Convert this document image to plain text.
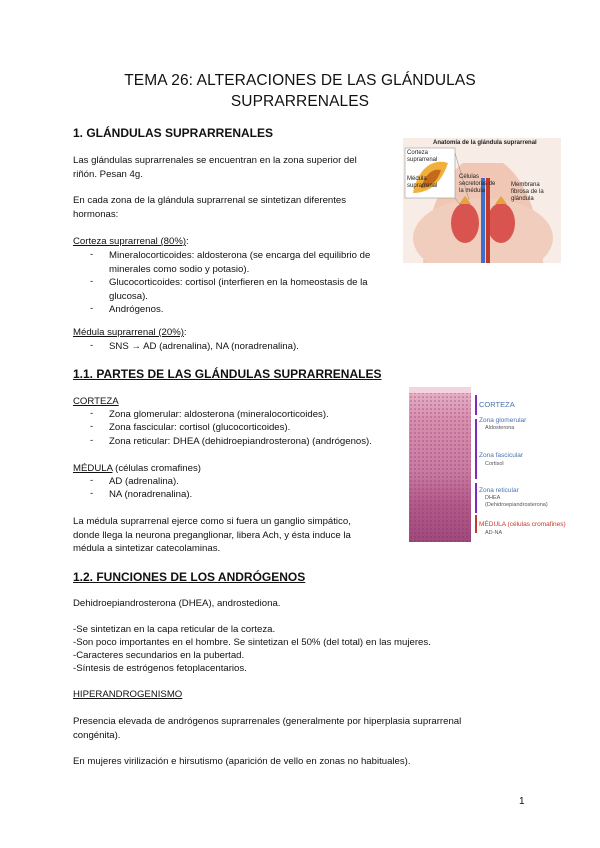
TEMA 26: ALTERACIONES DE LAS GLÁNDULAS
SUPRARRENALES
1. GLÁNDULAS SUPRARRENALES
Las glándulas suprarrenales se encuentran en la zona superior del riñón. Pesan 4g.
En cada zona de la glándula suprarrenal se sintetizan diferentes hormonas:
Corteza suprarrenal (80%):
- Mineralocorticoides: aldosterona (se encarga del equilibrio de minerales como sodio y potasio).
- Glucocorticoides: cortisol (interfieren en la homeostasis de la glucosa).
- Andrógenos.
Médula suprarrenal (20%):
- SNS → AD (adrenalina), NA (noradrenalina).
Anatomía de la glándula suprarrenal
Corteza suprarrenal
Médula suprarrenal
Células secretoras de la médula
Membrana fibrosa de la glándula
1.1. PARTES DE LAS GLÁNDULAS SUPRARRENALES
CORTEZA
- Zona glomerular: aldosterona (mineralocorticoides).
- Zona fascicular: cortisol (glucocorticoides).
- Zona reticular: DHEA (dehidroepiandrosterona) (andrógenos).
MÉDULA (células cromafines)
- AD (adrenalina).
- NA (noradrenalina).
La médula suprarrenal ejerce como si fuera un ganglio simpático, donde llega la neurona preganglionar, libera Ach, y ésta induce la médula a sintetizar catecolaminas.
CORTEZA
Zona glomerular
Aldosterona
Zona fascicular
Cortisol
Zona reticular
DHEA
(Dehidroepiandrosterona)
MÉDULA (células cromafines)
AD-NA
1.2. FUNCIONES DE LOS ANDRÓGENOS
Dehidroepiandrosterona (DHEA), androstediona.
-Se sintetizan en la capa reticular de la corteza.
-Son poco importantes en el hombre. Se sintetizan el 50% (del total) en las mujeres.
-Caracteres secundarios en la pubertad.
-Síntesis de estrógenos fetoplacentarios.
HIPERANDROGENISMO
Presencia elevada de andrógenos suprarrenales (generalmente por hiperplasia suprarrenal congénita).
En mujeres virilización e hirsutismo (aparición de vello en zonas no habituales).
1
